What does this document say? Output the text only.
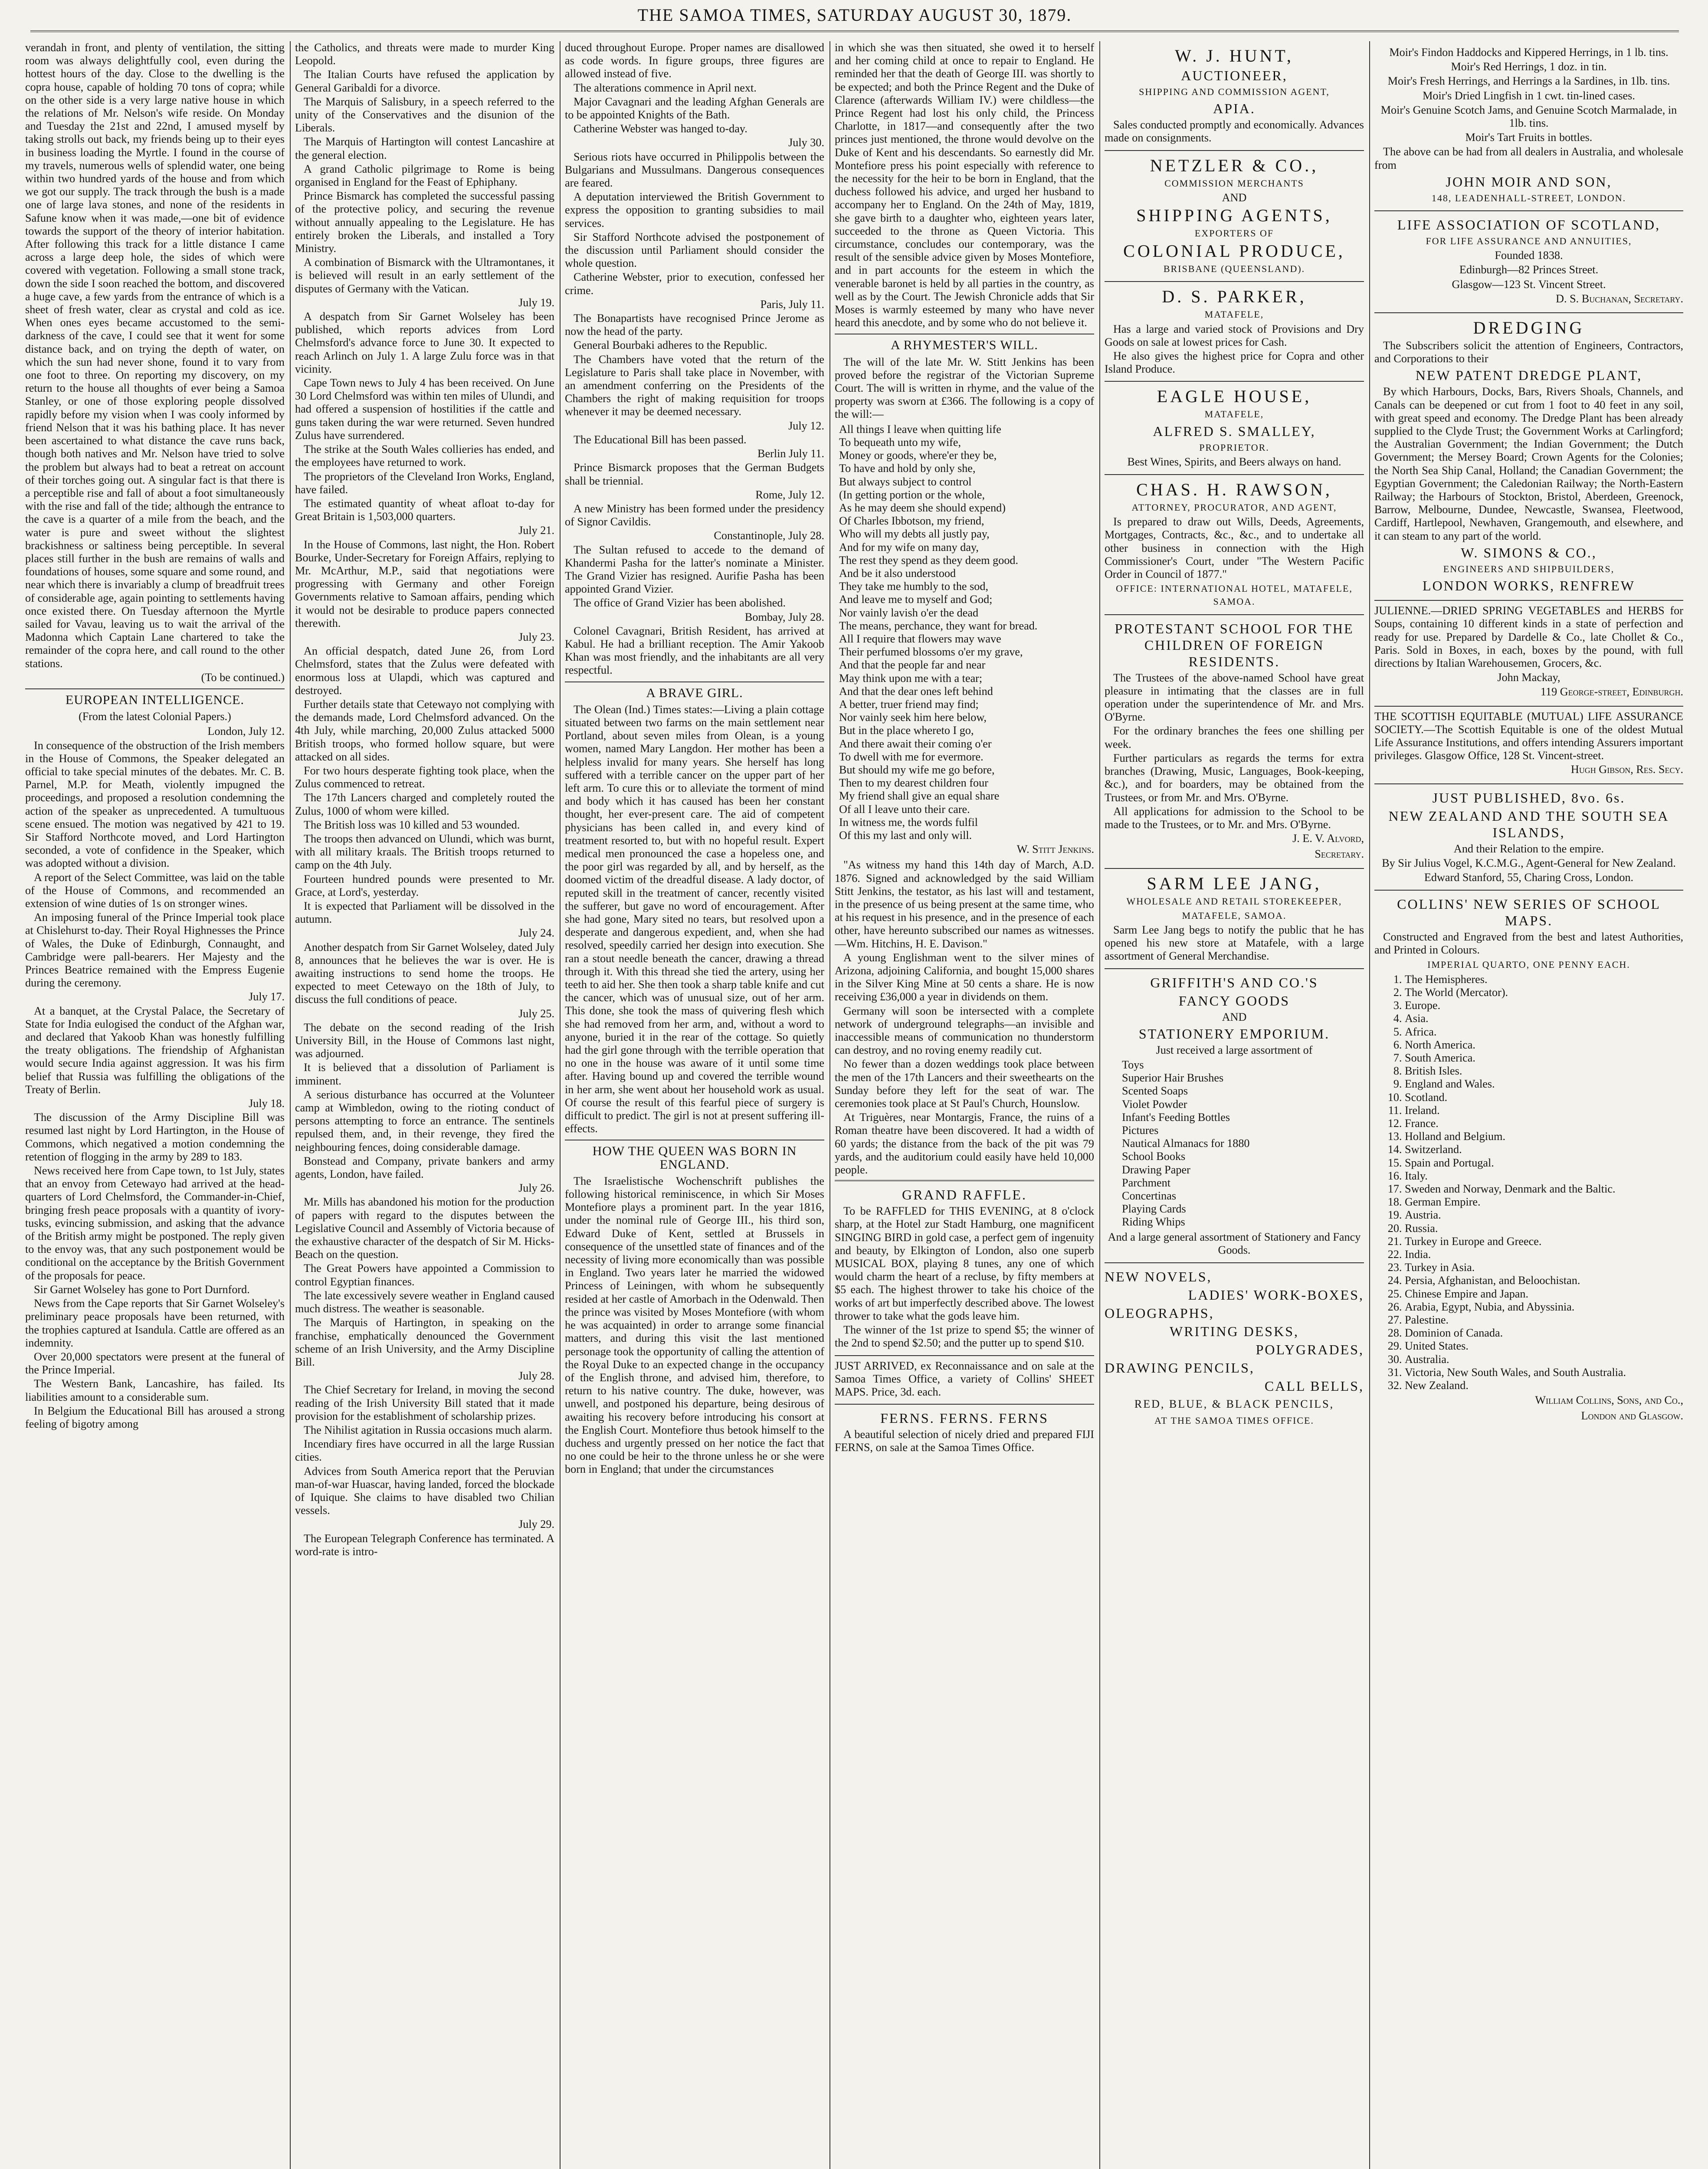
THE SAMOA TIMES, SATURDAY AUGUST 30, 1879.

verandah in front, and plenty of ventilation, the sitting room was always delightfully cool, even during the hottest hours of the day. Close to the dwelling is the copra house, capable of holding 70 tons of copra; while on the other side is a very large native house in which the relations of Mr. Nelson's wife reside. On Monday and Tuesday the 21st and 22nd, I amused myself by taking strolls out back, my friends being up to their eyes in business loading the Myrtle. I found in the course of my travels, numerous wells of splendid water, one being within two hundred yards of the house and from which we got our supply. The track through the bush is a made one of large lava stones, and none of the residents in Safune know when it was made,—one bit of evidence towards the support of the theory of interior habitation. After following this track for a little distance I came across a large deep hole, the sides of which were covered with vegetation. Following a small stone track, down the side I soon reached the bottom, and discovered a huge cave, a few yards from the entrance of which is a sheet of fresh water, clear as crystal and cold as ice. When ones eyes became accustomed to the semi-darkness of the cave, I could see that it went for some distance back, and on trying the depth of water, on which the sun had never shone, found it to vary from one foot to three. On reporting my discovery, on my return to the house all thoughts of ever being a Samoa Stanley, or one of those exploring people dissolved rapidly before my vision when I was cooly informed by friend Nelson that it was his bathing place. It has never been ascertained to what distance the cave runs back, though both natives and Mr. Nelson have tried to solve the problem but always had to beat a retreat on account of their torches going out. A singular fact is that there is a perceptible rise and fall of about a foot simultaneously with the rise and fall of the tide; although the entrance to the cave is a quarter of a mile from the beach, and the water is pure and sweet without the slightest brackishness or saltiness being perceptible. In several places still further in the bush are remains of walls and foundations of houses, some square and some round, and near which there is invariably a clump of breadfruit trees of considerable age, again pointing to settlements having once existed there. On Tuesday afternoon the Myrtle sailed for Vavau, leaving us to wait the arrival of the Madonna which Captain Lane chartered to take the remainder of the copra here, and call round to the other stations.

(To be continued.)

EUROPEAN INTELLIGENCE.
(From the latest Colonial Papers.)

London, July 12.

In consequence of the obstruction of the Irish members in the House of Commons, the Speaker delegated an official to take special minutes of the debates. Mr. C. B. Parnel, M.P. for Meath, violently impugned the proceedings, and proposed a resolution condemning the action of the speaker as unprecedented. A tumultuous scene ensued. The motion was negatived by 421 to 19. Sir Stafford Northcote moved, and Lord Hartington seconded, a vote of confidence in the Speaker, which was adopted without a division.

A report of the Select Committee, was laid on the table of the House of Commons, and recommended an extension of wine duties of 1s on stronger wines.

An imposing funeral of the Prince Imperial took place at Chislehurst to-day. Their Royal Highnesses the Prince of Wales, the Duke of Edinburgh, Connaught, and Cambridge were pall-bearers. Her Majesty and the Princes Beatrice remained with the Empress Eugenie during the ceremony.

July 17.

At a banquet, at the Crystal Palace, the Secretary of State for India eulogised the conduct of the Afghan war, and declared that Yakoob Khan was honestly fulfilling the treaty obligations. The friendship of Afghanistan would secure India against aggression. It was his firm belief that Russia was fulfilling the obligations of the Treaty of Berlin.

July 18.

The discussion of the Army Discipline Bill was resumed last night by Lord Hartington, in the House of Commons, which negatived a motion condemning the retention of flogging in the army by 289 to 183.

News received here from Cape town, to 1st July, states that an envoy from Cetewayo had arrived at the head-quarters of Lord Chelmsford, the Commander-in-Chief, bringing fresh peace proposals with a quantity of ivory-tusks, evincing submission, and asking that the advance of the British army might be postponed. The reply given to the envoy was, that any such postponement would be conditional on the acceptance by the British Government of the proposals for peace.

Sir Garnet Wolseley has gone to Port Durnford.

News from the Cape reports that Sir Garnet Wolseley's preliminary peace proposals have been returned, with the trophies captured at Isandula. Cattle are offered as an indemnity.

Over 20,000 spectators were present at the funeral of the Prince Imperial.

The Western Bank, Lancashire, has failed. Its liabilities amount to a considerable sum.

In Belgium the Educational Bill has aroused a strong feeling of bigotry among

the Catholics, and threats were made to murder King Leopold.

The Italian Courts have refused the application by General Garibaldi for a divorce.

The Marquis of Salisbury, in a speech referred to the unity of the Conservatives and the disunion of the Liberals.

The Marquis of Hartington will contest Lancashire at the general election.

A grand Catholic pilgrimage to Rome is being organised in England for the Feast of Ephiphany.

Prince Bismarck has completed the successful passing of the protective policy, and securing the revenue without annually appealing to the Legislature. He has entirely broken the Liberals, and installed a Tory Ministry.

A combination of Bismarck with the Ultramontanes, it is believed will result in an early settlement of the disputes of Germany with the Vatican.

July 19.

A despatch from Sir Garnet Wolseley has been published, which reports advices from Lord Chelmsford's advance force to June 30. It expected to reach Arlinch on July 1. A large Zulu force was in that vicinity.

Cape Town news to July 4 has been received. On June 30 Lord Chelmsford was within ten miles of Ulundi, and had offered a suspension of hostilities if the cattle and guns taken during the war were returned. Seven hundred Zulus have surrendered.

The strike at the South Wales collieries has ended, and the employees have returned to work.

The proprietors of the Cleveland Iron Works, England, have failed.

The estimated quantity of wheat afloat to-day for Great Britain is 1,503,000 quarters.

July 21.

In the House of Commons, last night, the Hon. Robert Bourke, Under-Secretary for Foreign Affairs, replying to Mr. McArthur, M.P., said that negotiations were progressing with Germany and other Foreign Governments relative to Samoan affairs, pending which it would not be desirable to produce papers connected therewith.

July 23.

An official despatch, dated June 26, from Lord Chelmsford, states that the Zulus were defeated with enormous loss at Ulapdi, which was captured and destroyed.

Further details state that Cetewayo not complying with the demands made, Lord Chelmsford advanced. On the 4th July, while marching, 20,000 Zulus attacked 5000 British troops, who formed hollow square, but were attacked on all sides.

For two hours desperate fighting took place, when the Zulus commenced to retreat.

The 17th Lancers charged and completely routed the Zulus, 1000 of whom were killed.

The British loss was 10 killed and 53 wounded.

The troops then advanced on Ulundi, which was burnt, with all military kraals. The British troops returned to camp on the 4th July.

Fourteen hundred pounds were presented to Mr. Grace, at Lord's, yesterday.

It is expected that Parliament will be dissolved in the autumn.

July 24.

Another despatch from Sir Garnet Wolseley, dated July 8, announces that he believes the war is over. He is awaiting instructions to send home the troops. He expected to meet Cetewayo on the 18th of July, to discuss the full conditions of peace.

July 25.

The debate on the second reading of the Irish University Bill, in the House of Commons last night, was adjourned.

It is believed that a dissolution of Parliament is imminent.

A serious disturbance has occurred at the Volunteer camp at Wimbledon, owing to the rioting conduct of persons attempting to force an entrance. The sentinels repulsed them, and, in their revenge, they fired the neighbouring fences, doing considerable damage.

Bonstead and Company, private bankers and army agents, London, have failed.

July 26.

Mr. Mills has abandoned his motion for the production of papers with regard to the disputes between the Legislative Council and Assembly of Victoria because of the exhaustive character of the despatch of Sir M. Hicks-Beach on the question.

The Great Powers have appointed a Commission to control Egyptian finances.

The late excessively severe weather in England caused much distress. The weather is seasonable.

The Marquis of Hartington, in speaking on the franchise, emphatically denounced the Government scheme of an Irish University, and the Army Discipline Bill.

July 28.

The Chief Secretary for Ireland, in moving the second reading of the Irish University Bill stated that it made provision for the establishment of scholarship prizes.

The Nihilist agitation in Russia occasions much alarm.

Incendiary fires have occurred in all the large Russian cities.

Advices from South America report that the Peruvian man-of-war Huascar, having landed, forced the blockade of Iquique. She claims to have disabled two Chilian vessels.

July 29.

The European Telegraph Conference has terminated. A word-rate is intro-

duced throughout Europe. Proper names are disallowed as code words. In figure groups, three figures are allowed instead of five.

The alterations commence in April next.

Major Cavagnari and the leading Afghan Generals are to be appointed Knights of the Bath.

Catherine Webster was hanged to-day.

July 30.

Serious riots have occurred in Philippolis between the Bulgarians and Mussulmans. Dangerous consequences are feared.

A deputation interviewed the British Government to express the opposition to granting subsidies to mail services.

Sir Stafford Northcote advised the postponement of the discussion until Parliament should consider the whole question.

Catherine Webster, prior to execution, confessed her crime.

Paris, July 11.

The Bonapartists have recognised Prince Jerome as now the head of the party.

General Bourbaki adheres to the Republic.

The Chambers have voted that the return of the Legislature to Paris shall take place in November, with an amendment conferring on the Presidents of the Chambers the right of making requisition for troops whenever it may be deemed necessary.

July 12.

The Educational Bill has been passed.

Berlin July 11.

Prince Bismarck proposes that the German Budgets shall be triennial.

Rome, July 12.

A new Ministry has been formed under the presidency of Signor Cavildis.

Constantinople, July 28.

The Sultan refused to accede to the demand of Khandermi Pasha for the latter's nominate a Minister. The Grand Vizier has resigned. Aurifie Pasha has been appointed Grand Vizier.

The office of Grand Vizier has been abolished.

Bombay, July 28.

Colonel Cavagnari, British Resident, has arrived at Kabul. He had a brilliant reception. The Amir Yakoob Khan was most friendly, and the inhabitants are all very respectful.

A BRAVE GIRL.

The Olean (Ind.) Times states:—Living a plain cottage situated between two farms on the main settlement near Portland, about seven miles from Olean, is a young women, named Mary Langdon. Her mother has been a helpless invalid for many years. She herself has long suffered with a terrible cancer on the upper part of her left arm. To cure this or to alleviate the torment of mind and body which it has caused has been her constant thought, her ever-present care. The aid of competent physicians has been called in, and every kind of treatment resorted to, but with no hopeful result. Expert medical men pronounced the case a hopeless one, and the poor girl was regarded by all, and by herself, as the doomed victim of the dreadful disease. A lady doctor, of reputed skill in the treatment of cancer, recently visited the sufferer, but gave no word of encouragement. After she had gone, Mary sited no tears, but resolved upon a desperate and dangerous expedient, and, when she had resolved, speedily carried her design into execution. She ran a stout needle beneath the cancer, drawing a thread through it. With this thread she tied the artery, using her teeth to aid her. She then took a sharp table knife and cut the cancer, which was of unusual size, out of her arm. This done, she took the mass of quivering flesh which she had removed from her arm, and, without a word to anyone, buried it in the rear of the cottage. So quietly had the girl gone through with the terrible operation that no one in the house was aware of it until some time after. Having bound up and covered the terrible wound in her arm, she went about her household work as usual. Of course the result of this fearful piece of surgery is difficult to predict. The girl is not at present suffering ill-effects.

HOW THE QUEEN WAS BORN IN ENGLAND.

The Israelistische Wochenschrift publishes the following historical reminiscence, in which Sir Moses Montefiore plays a prominent part. In the year 1816, under the nominal rule of George III., his third son, Edward Duke of Kent, settled at Brussels in consequence of the unsettled state of finances and of the necessity of living more economically than was possible in England. Two years later he married the widowed Princess of Leiningen, with whom he subsequently resided at her castle of Amorbach in the Odenwald. Then the prince was visited by Moses Montefiore (with whom he was acquainted) in order to arrange some financial matters, and during this visit the last mentioned personage took the opportunity of calling the attention of the Royal Duke to an expected change in the occupancy of the English throne, and advised him, therefore, to return to his native country. The duke, however, was unwell, and postponed his departure, being desirous of awaiting his recovery before introducing his consort at the English Court. Montefiore thus betook himself to the duchess and urgently pressed on her notice the fact that no one could be heir to the throne unless he or she were born in England; that under the circumstances

in which she was then situated, she owed it to herself and her coming child at once to repair to England. He reminded her that the death of George III. was shortly to be expected; and both the Prince Regent and the Duke of Clarence (afterwards William IV.) were childless—the Prince Regent had lost his only child, the Princess Charlotte, in 1817—and consequently after the two princes just mentioned, the throne would devolve on the Duke of Kent and his descendants. So earnestly did Mr. Montefiore press his point especially with reference to the necessity for the heir to be born in England, that the duchess followed his advice, and urged her husband to accompany her to England. On the 24th of May, 1819, she gave birth to a daughter who, eighteen years later, succeeded to the throne as Queen Victoria. This circumstance, concludes our contemporary, was the result of the sensible advice given by Moses Montefiore, and in part accounts for the esteem in which the venerable baronet is held by all parties in the country, as well as by the Court. The Jewish Chronicle adds that Sir Moses is warmly esteemed by many who have never heard this anecdote, and by some who do not believe it.

A RHYMESTER'S WILL.

The will of the late Mr. W. Stitt Jenkins has been proved before the registrar of the Victorian Supreme Court. The will is written in rhyme, and the value of the property was sworn at £366. The following is a copy of the will:—

All things I leave when quitting life
To bequeath unto my wife,
Money or goods, where'er they be,
To have and hold by only she,
But always subject to control
(In getting portion or the whole,
As he may deem she should expend)
Of Charles Ibbotson, my friend,
Who will my debts all justly pay,
And for my wife on many day,
The rest they spend as they deem good.
And be it also understood
They take me humbly to the sod,
And leave me to myself and God;
Nor vainly lavish o'er the dead
The means, perchance, they want for bread.
All I require that flowers may wave
Their perfumed blossoms o'er my grave,
And that the people far and near
May think upon me with a tear;
And that the dear ones left behind
A better, truer friend may find;
Nor vainly seek him here below,
But in the place whereto I go,
And there await their coming o'er
To dwell with me for evermore.
But should my wife me go before,
Then to my dearest children four
My friend shall give an equal share
Of all I leave unto their care.
In witness me, the words fulfil
Of this my last and only will.
W. Stitt Jenkins.

"As witness my hand this 14th day of March, A.D. 1876. Signed and acknowledged by the said William Stitt Jenkins, the testator, as his last will and testament, in the presence of us being present at the same time, who at his request in his presence, and in the presence of each other, have hereunto subscribed our names as witnesses.—Wm. Hitchins, H. E. Davison."

A young Englishman went to the silver mines of Arizona, adjoining California, and bought 15,000 shares in the Silver King Mine at 50 cents a share. He is now receiving £36,000 a year in dividends on them.

Germany will soon be intersected with a complete network of underground telegraphs—an invisible and inaccessible means of communication no thunderstorm can destroy, and no roving enemy readily cut.

No fewer than a dozen weddings took place between the men of the 17th Lancers and their sweethearts on the Sunday before they left for the seat of war. The ceremonies took place at St Paul's Church, Hounslow.

At Triguères, near Montargis, France, the ruins of a Roman theatre have been discovered. It had a width of 60 yards; the distance from the back of the pit was 79 yards, and the auditorium could easily have held 10,000 people.

GRAND RAFFLE.

To be RAFFLED for THIS EVENING, at 8 o'clock sharp, at the Hotel zur Stadt Hamburg, one magnificent SINGING BIRD in gold case, a perfect gem of ingenuity and beauty, by Elkington of London, also one superb MUSICAL BOX, playing 8 tunes, any one of which would charm the heart of a recluse, by fifty members at $5 each. The highest thrower to take his choice of the works of art but imperfectly described above. The lowest thrower to take what the gods leave him.

The winner of the 1st prize to spend $5; the winner of the 2nd to spend $2.50; and the putter up to spend $10.

JUST ARRIVED, ex Reconnaissance and on sale at the Samoa Times Office, a variety of Collins' SHEET MAPS. Price, 3d. each.

FERNS. FERNS. FERNS

A beautiful selection of nicely dried and prepared FIJI FERNS, on sale at the Samoa Times Office.

W. J. HUNT,
AUCTIONEER,
SHIPPING AND COMMISSION AGENT,
APIA.

Sales conducted promptly and economically. Advances made on consignments.

NETZLER & CO.,
COMMISSION MERCHANTS
AND
SHIPPING AGENTS,
EXPORTERS OF
COLONIAL PRODUCE,
BRISBANE (QUEENSLAND).
D. S. PARKER,
MATAFELE,

Has a large and varied stock of Provisions and Dry Goods on sale at lowest prices for Cash.

He also gives the highest price for Copra and other Island Produce.

EAGLE HOUSE,
MATAFELE,
ALFRED S. SMALLEY,
PROPRIETOR.
Best Wines, Spirits, and Beers always on hand.
CHAS. H. RAWSON,
ATTORNEY, PROCURATOR, AND AGENT,

Is prepared to draw out Wills, Deeds, Agreements, Mortgages, Contracts, &c., &c., and to undertake all other business in connection with the High Commissioner's Court, under "The Western Pacific Order in Council of 1877."

OFFICE: INTERNATIONAL HOTEL, MATAFELE, SAMOA.
PROTESTANT SCHOOL FOR THE CHILDREN OF FOREIGN RESIDENTS.

The Trustees of the above-named School have great pleasure in intimating that the classes are in full operation under the superintendence of Mr. and Mrs. O'Byrne.

For the ordinary branches the fees one shilling per week.

Further particulars as regards the terms for extra branches (Drawing, Music, Languages, Book-keeping, &c.), and for boarders, may be obtained from the Trustees, or from Mr. and Mrs. O'Byrne.

All applications for admission to the School to be made to the Trustees, or to Mr. and Mrs. O'Byrne.

J. E. V. Alvord,
Secretary.
SARM LEE JANG,
WHOLESALE AND RETAIL STOREKEEPER,
MATAFELE, SAMOA.

Sarm Lee Jang begs to notify the public that he has opened his new store at Matafele, with a large assortment of General Merchandise.

GRIFFITH'S AND CO.'S
FANCY GOODS
AND
STATIONERY EMPORIUM.
Just received a large assortment of
Toys
Superior Hair Brushes
Scented Soaps
Violet Powder
Infant's Feeding Bottles
Pictures
Nautical Almanacs for 1880
School Books
Drawing Paper
Parchment
Concertinas
Playing Cards
Riding Whips
And a large general assortment of Stationery and Fancy Goods.
NEW NOVELS,
LADIES' WORK-BOXES,
OLEOGRAPHS,
WRITING DESKS,
POLYGRADES,
DRAWING PENCILS,
CALL BELLS,
RED, BLUE, & BLACK PENCILS,
AT THE SAMOA TIMES OFFICE.
Moir's Findon Haddocks and Kippered Herrings, in 1 lb. tins.
Moir's Red Herrings, 1 doz. in tin.
Moir's Fresh Herrings, and Herrings a la Sardines, in 1lb. tins.
Moir's Dried Lingfish in 1 cwt. tin-lined cases.
Moir's Genuine Scotch Jams, and Genuine Scotch Marmalade, in 1lb. tins.
Moir's Tart Fruits in bottles.

The above can be had from all dealers in Australia, and wholesale from

JOHN MOIR AND SON,
148, LEADENHALL-STREET, LONDON.
LIFE ASSOCIATION OF SCOTLAND,
FOR LIFE ASSURANCE AND ANNUITIES,
Founded 1838.
Edinburgh—82 Princes Street.
Glasgow—123 St. Vincent Street.
D. S. Buchanan, Secretary.
DREDGING

The Subscribers solicit the attention of Engineers, Contractors, and Corporations to their

NEW PATENT DREDGE PLANT,

By which Harbours, Docks, Bars, Rivers Shoals, Channels, and Canals can be deepened or cut from 1 foot to 40 feet in any soil, with great speed and economy. The Dredge Plant has been already supplied to the Clyde Trust; the Government Works at Carlingford; the Australian Government; the Indian Government; the Dutch Government; the Mersey Board; Crown Agents for the Colonies; the North Sea Ship Canal, Holland; the Canadian Government; the Egyptian Government; the Caledonian Railway; the North-Eastern Railway; the Harbours of Stockton, Bristol, Aberdeen, Greenock, Barrow, Melbourne, Dundee, Newcastle, Swansea, Fleetwood, Cardiff, Hartlepool, Newhaven, Grangemouth, and elsewhere, and it can steam to any part of the world.

W. SIMONS & CO.,
ENGINEERS AND SHIPBUILDERS,
LONDON WORKS, RENFREW

JULIENNE.—DRIED SPRING VEGETABLES and HERBS for Soups, containing 10 different kinds in a state of perfection and ready for use. Prepared by Dardelle & Co., late Chollet & Co., Paris. Sold in Boxes, in each, boxes by the pound, with full directions by Italian Warehousemen, Grocers, &c.

John Mackay,
119 George-street, Edinburgh.

THE SCOTTISH EQUITABLE (MUTUAL) LIFE ASSURANCE SOCIETY.—The Scottish Equitable is one of the oldest Mutual Life Assurance Institutions, and offers intending Assurers important privileges. Glasgow Office, 128 St. Vincent-street.

Hugh Gibson, Res. Secy.
JUST PUBLISHED, 8vo. 6s.
NEW ZEALAND AND THE SOUTH SEA ISLANDS,
And their Relation to the empire.
By Sir Julius Vogel, K.C.M.G., Agent-General for New Zealand.
Edward Stanford, 55, Charing Cross, London.
COLLINS' NEW SERIES OF SCHOOL MAPS.

Constructed and Engraved from the best and latest Authorities, and Printed in Colours.

IMPERIAL QUARTO, ONE PENNY EACH.
1. The Hemispheres.
2. The World (Mercator).
3. Europe.
4. Asia.
5. Africa.
6. North America.
7. South America.
8. British Isles.
9. England and Wales.
10. Scotland.
11. Ireland.
12. France.
13. Holland and Belgium.
14. Switzerland.
15. Spain and Portugal.
16. Italy.
17. Sweden and Norway, Denmark and the Baltic.
18. German Empire.
19. Austria.
20. Russia.
21. Turkey in Europe and Greece.
22. India.
23. Turkey in Asia.
24. Persia, Afghanistan, and Beloochistan.
25. Chinese Empire and Japan.
26. Arabia, Egypt, Nubia, and Abyssinia.
27. Palestine.
28. Dominion of Canada.
29. United States.
30. Australia.
31. Victoria, New South Wales, and South Australia.
32. New Zealand.
William Collins, Sons, and Co.,
London and Glasgow.
